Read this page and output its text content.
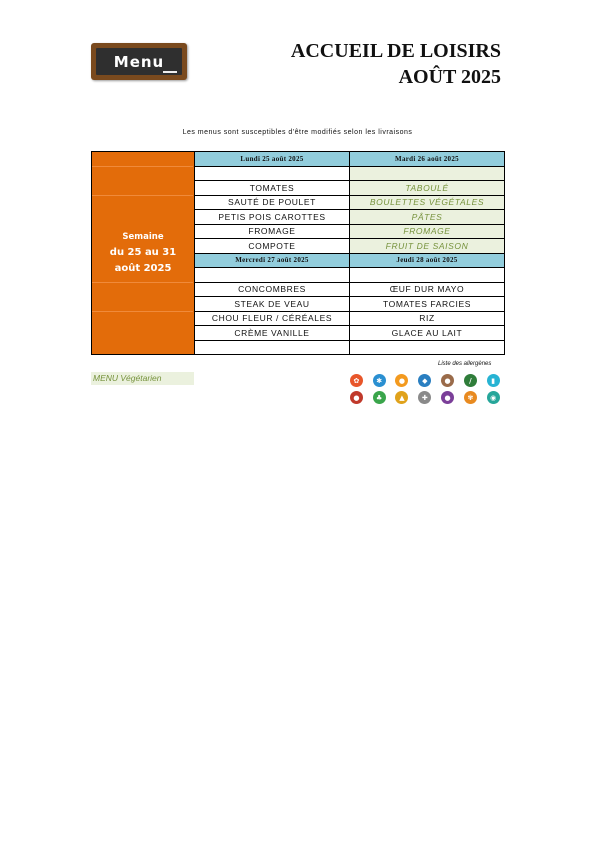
Menu	ACCUEIL DE LOISIRS
AOÛT 2025
Les menus sont susceptibles d'être modifiés selon les livraisons
Semaine
du 25 au 31
août 2025	Lundi 25 août 2025	Mardi 26 août 2025

	TOMATES	TABOULÉ
	SAUTÉ DE POULET	BOULETTES VÉGÉTALES
	PETIS POIS CAROTTES	PÂTES
	FROMAGE	FROMAGE
	COMPOTE	FRUIT DE SAISON
	Mercredi 27 août 2025	Jeudi 28 août 2025

	CONCOMBRES	ŒUF DUR MAYO
	STEAK DE VEAU	TOMATES FARCIES
	CHOU FLEUR / CÉRÉALES	RIZ
	CRÈME VANILLE	GLACE AU LAIT

MENU Végétarien
Liste des allergènes
✿	✱	●	◆	●	/	▮
●	♣	▲	✚	●	✾	◉
